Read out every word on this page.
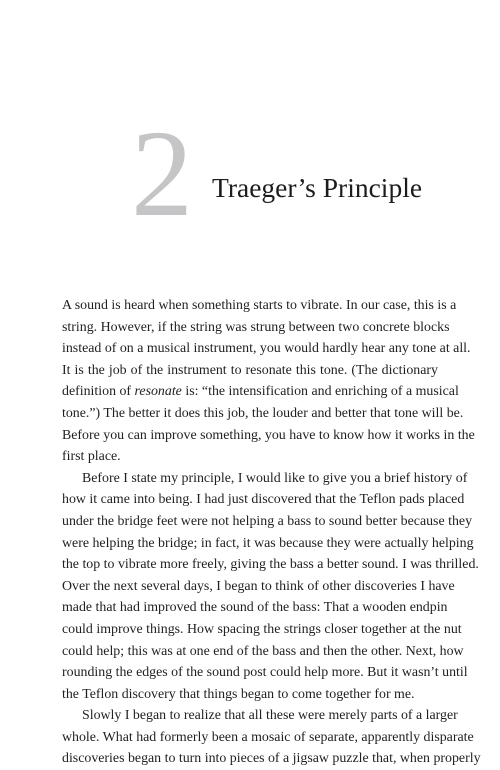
2 Traeger’s Principle
A sound is heard when something starts to vibrate. In our case, this is a
string. However, if the string was strung between two concrete blocks
instead of on a musical instrument, you would hardly hear any tone at all.
It is the job of the instrument to resonate this tone. (The dictionary
definition of resonate is: “the intensification and enriching of a musical
tone.”) The better it does this job, the louder and better that tone will be.
Before you can improve something, you have to know how it works in the
first place.
Before I state my principle, I would like to give you a brief history of
how it came into being. I had just discovered that the Teflon pads placed
under the bridge feet were not helping a bass to sound better because they
were helping the bridge; in fact, it was because they were actually helping
the top to vibrate more freely, giving the bass a better sound. I was thrilled.
Over the next several days, I began to think of other discoveries I have
made that had improved the sound of the bass: That a wooden endpin
could improve things. How spacing the strings closer together at the nut
could help; this was at one end of the bass and then the other. Next, how
rounding the edges of the sound post could help more. But it wasn’t until
the Teflon discovery that things began to come together for me.
Slowly I began to realize that all these were merely parts of a larger
whole. What had formerly been a mosaic of separate, apparently disparate
discoveries began to turn into pieces of a jigsaw puzzle that, when properly
